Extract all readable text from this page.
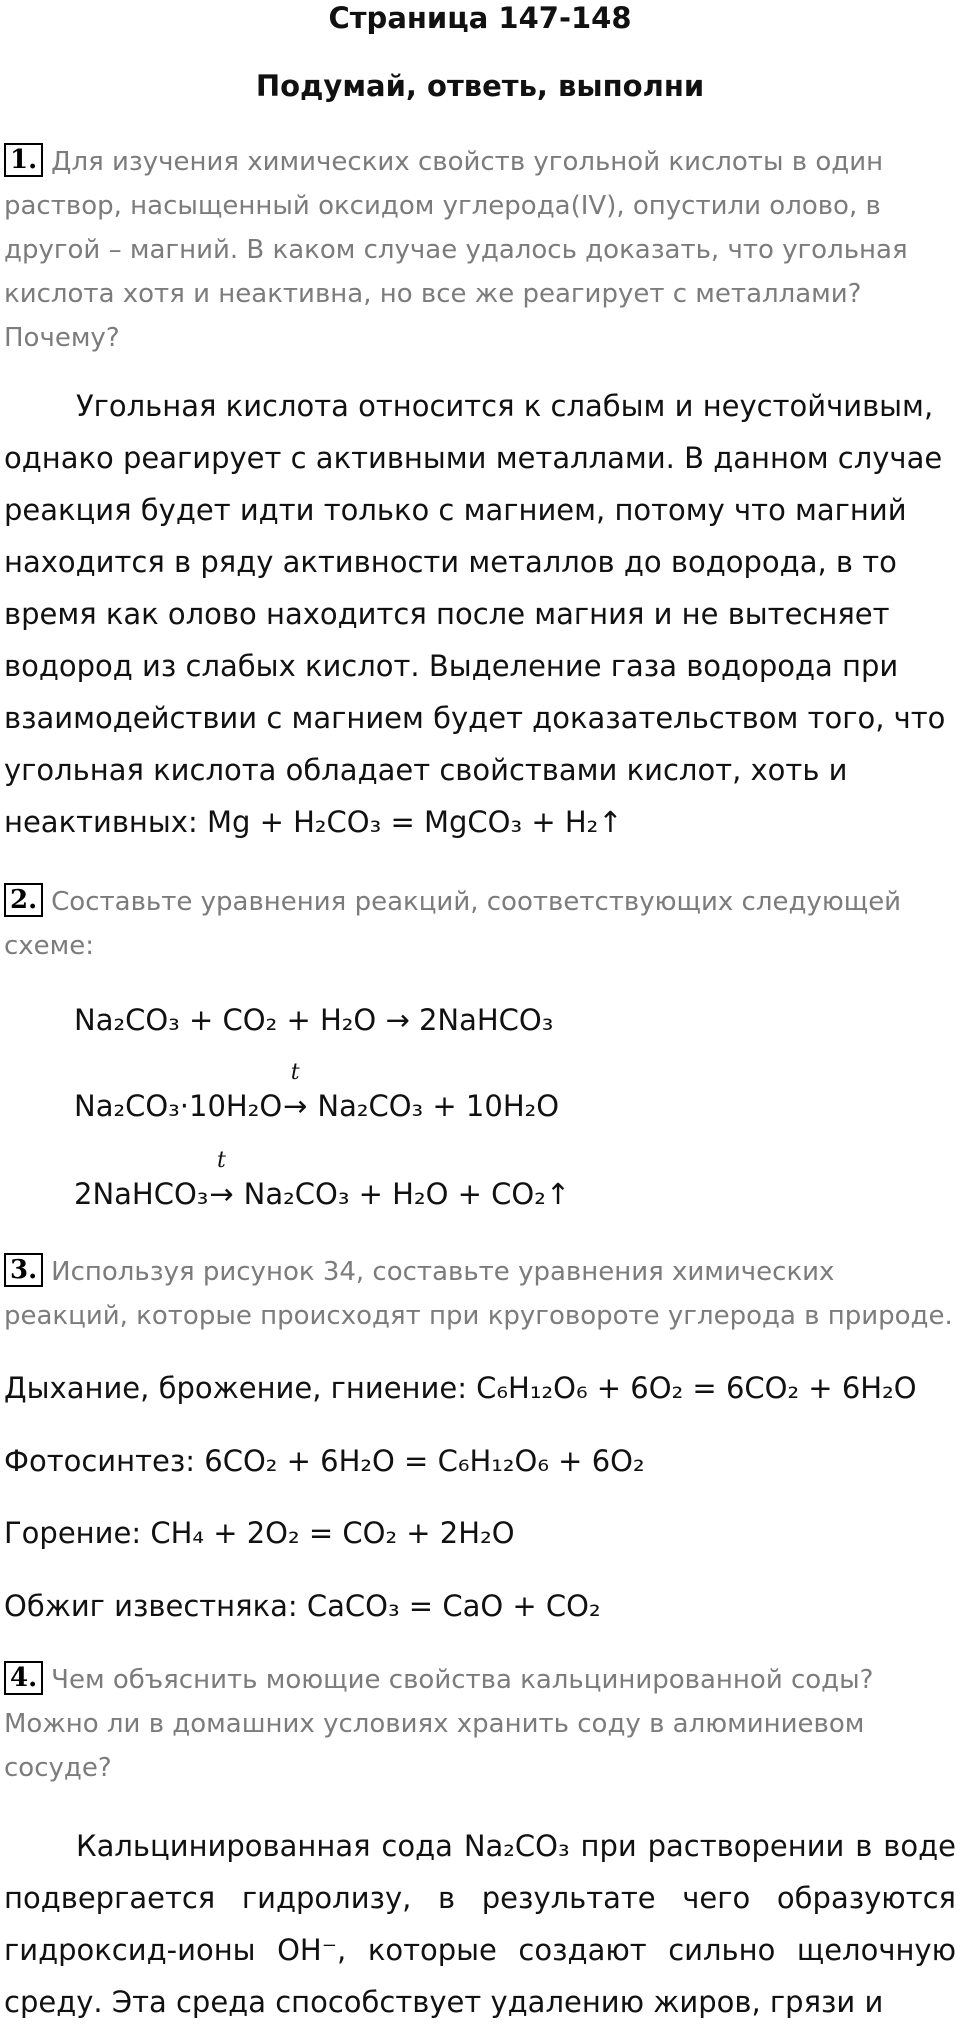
Страница 147-148
Подумай, ответь, выполни

1. Для изучения химических свойств угольной кислоты в один раствор, насыщенный оксидом углерода(IV), опустили олово, в другой – магний. В каком случае удалось доказать, что угольная кислота хотя и неактивна, но все же реагирует с металлами? Почему?

Угольная кислота относится к слабым и неустойчивым, однако реагирует с активными металлами. В данном случае реакция будет идти только с магнием, потому что магний находится в ряду активности металлов до водорода, в то время как олово находится после магния и не вытесняет водород из слабых кислот. Выделение газа водорода при взаимодействии с магнием будет доказательством того, что угольная кислота обладает свойствами кислот, хоть и неактивных: Mg + H₂CO₃ = MgCO₃ + H₂↑

2. Составьте уравнения реакций, соответствующих следующей схеме:

Na₂CO₃ + CO₂ + H₂O → 2NaHCO₃

Na₂CO₃·10H₂O
t
→ Na₂CO₃ + 10H₂O

2NaHCO₃
t
→ Na₂CO₃ + H₂O + CO₂↑

3. Используя рисунок 34, составьте уравнения химических реакций, которые происходят при круговороте углерода в природе.

Дыхание, брожение, гниение: C₆H₁₂O₆ + 6O₂ = 6CO₂ + 6H₂O

Фотосинтез: 6CO₂ + 6H₂O = C₆H₁₂O₆ + 6O₂

Горение: CH₄ + 2O₂ = CO₂ + 2H₂O

Обжиг известняка: CaCO₃ = CaO + CO₂

4. Чем объяснить моющие свойства кальцинированной соды? Можно ли в домашних условиях хранить соду в алюминиевом сосуде?

Кальцинированная сода Na₂CO₃ при растворении в воде подвергается гидролизу, в результате чего образуются гидроксид-ионы OH⁻, которые создают сильно щелочную среду. Эта среда способствует удалению жиров, грязи и
